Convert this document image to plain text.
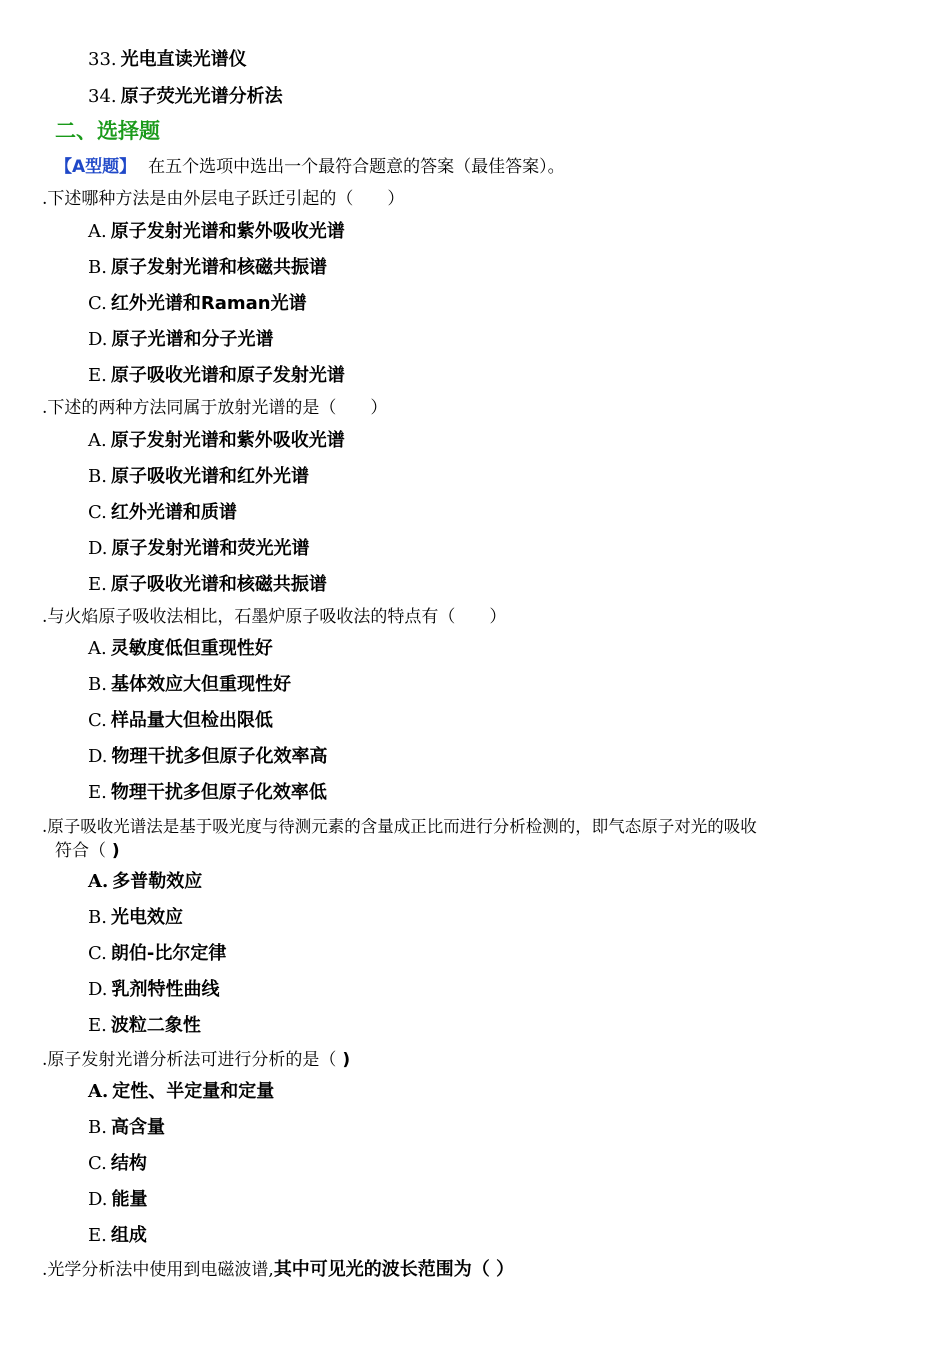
33. 光电直读光谱仪
34. 原子荧光光谱分析法
二、选择题
【A型题】 在五个选项中选出一个最符合题意的答案（最佳答案）。
.下述哪种方法是由外层电子跃迁引起的（　　）
A. 原子发射光谱和紫外吸收光谱
B. 原子发射光谱和核磁共振谱
C. 红外光谱和Raman光谱
D. 原子光谱和分子光谱
E. 原子吸收光谱和原子发射光谱
.下述的两种方法同属于放射光谱的是（　　）
A. 原子发射光谱和紫外吸收光谱
B. 原子吸收光谱和红外光谱
C. 红外光谱和质谱
D. 原子发射光谱和荧光光谱
E. 原子吸收光谱和核磁共振谱
.与火焰原子吸收法相比，石墨炉原子吸收法的特点有（　　）
A. 灵敏度低但重现性好
B. 基体效应大但重现性好
C. 样品量大但检出限低
D. 物理干扰多但原子化效率高
E. 物理干扰多但原子化效率低
.原子吸收光谱法是基于吸光度与待测元素的含量成正比而进行分析检测的，即气态原子对光的吸收
符合（ )
A. 多普勒效应
B. 光电效应
C. 朗伯-比尔定律
D. 乳剂特性曲线
E. 波粒二象性
.原子发射光谱分析法可进行分析的是（ )
A. 定性、半定量和定量
B. 高含量
C. 结构
D. 能量
E. 组成
.光学分析法中使用到电磁波谱,其中可见光的波长范围为（ ）
